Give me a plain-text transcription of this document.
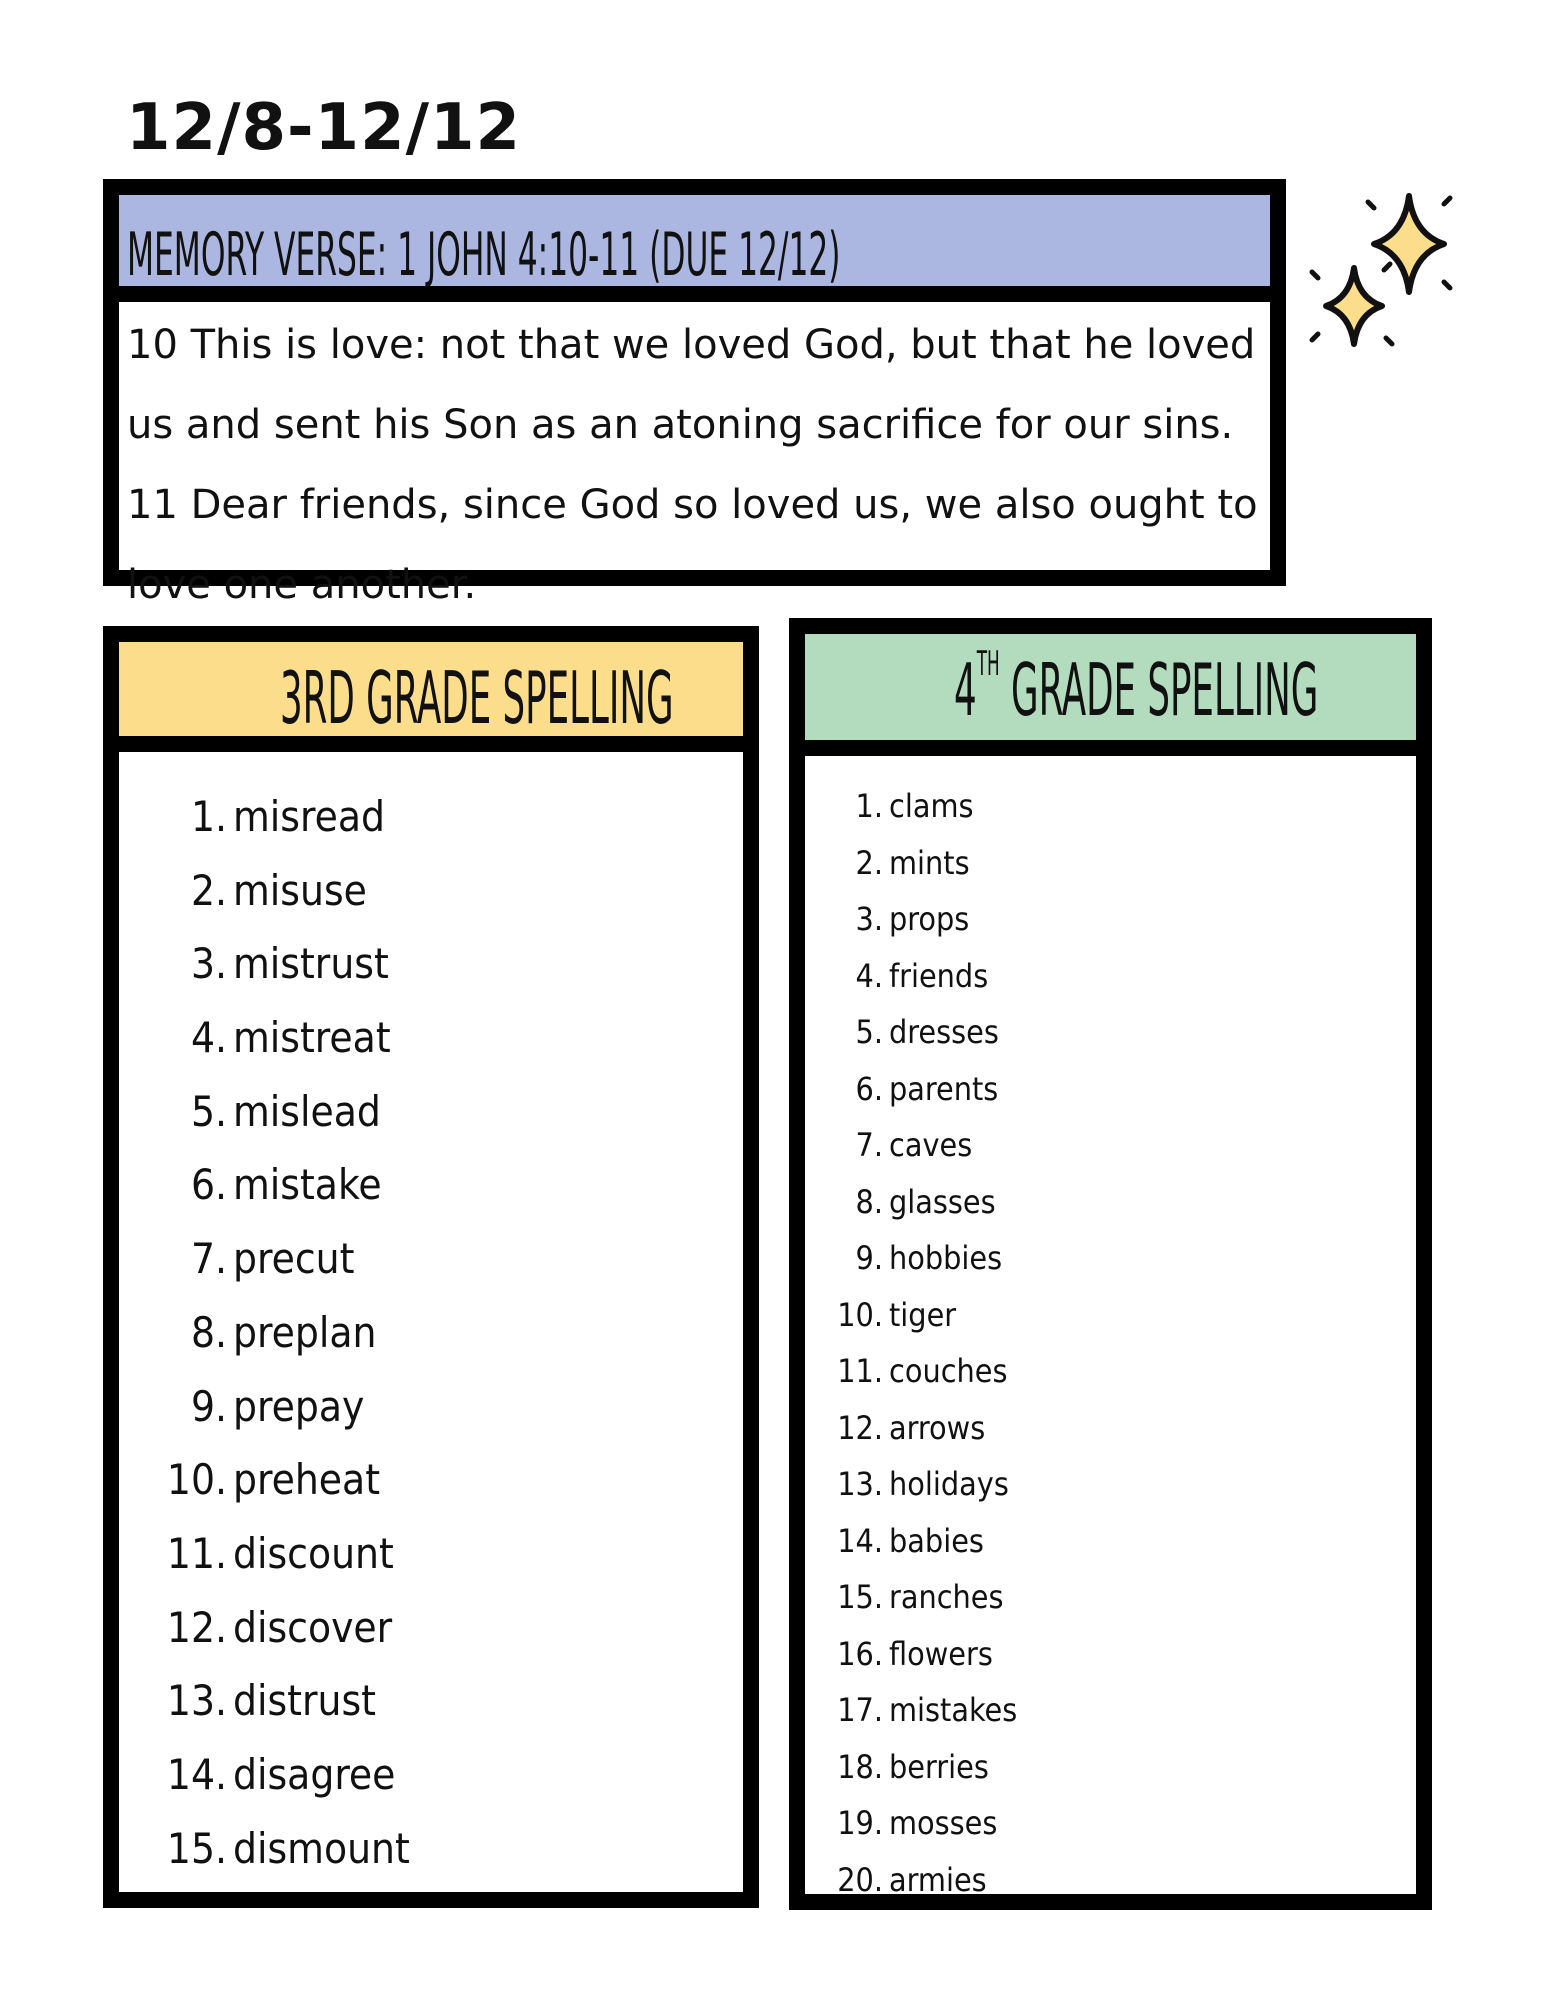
12/8-12/12
MEMORY VERSE: 1 JOHN 4:10-11 (DUE 12/12)

10 This is love: not that we loved God, but that he loved us and sent his Son as an atoning sacrifice for our sins. 11 Dear friends, since God so loved us, we also ought to love one another.

3RD GRADE SPELLING
1. misread
2. misuse
3. mistrust
4. mistreat
5. mislead
6. mistake
7. precut
8. preplan
9. prepay
10. preheat
11. discount
12. discover
13. distrust
14. disagree
15. dismount
4TH GRADE SPELLING
1. clams
2. mints
3. props
4. friends
5. dresses
6. parents
7. caves
8. glasses
9. hobbies
10. tiger
11. couches
12. arrows
13. holidays
14. babies
15. ranches
16. flowers
17. mistakes
18. berries
19. mosses
20. armies
